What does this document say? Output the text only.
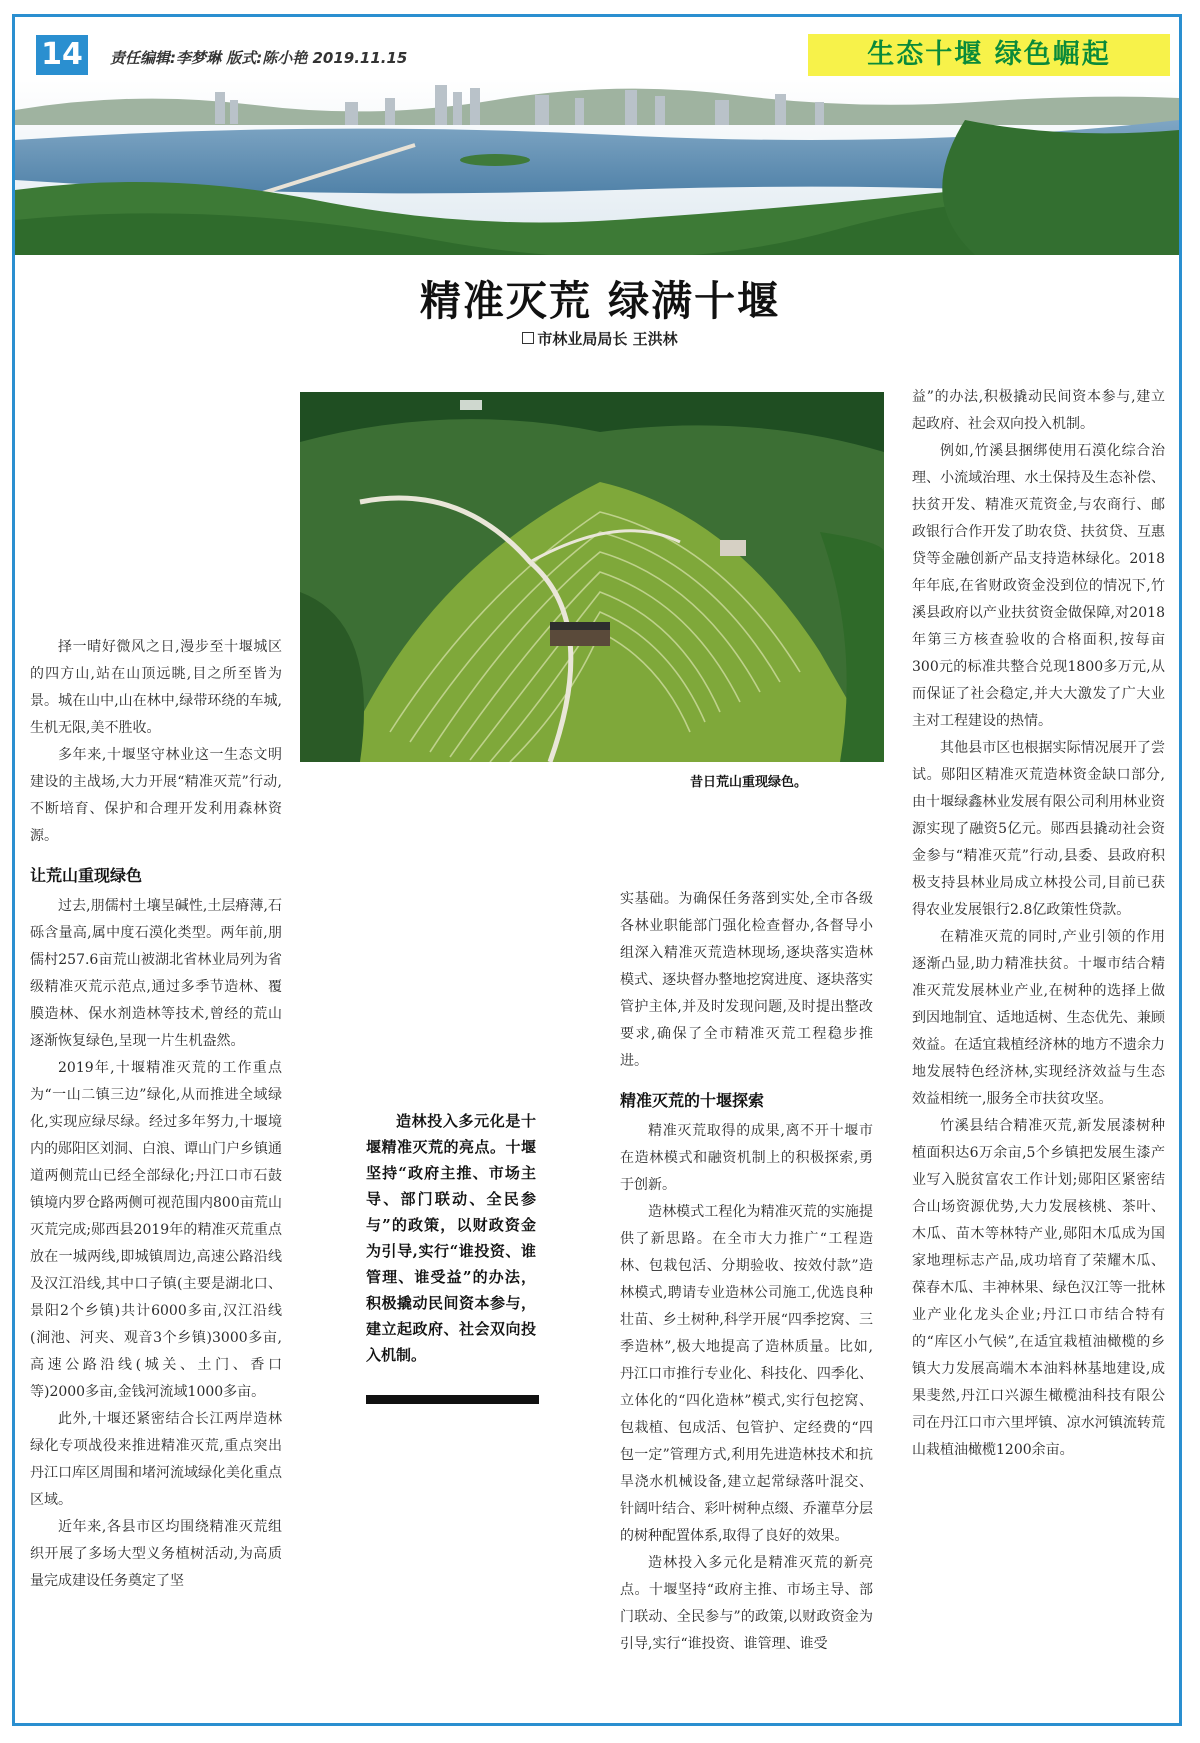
14	责任编辑:李梦琳 版式:陈小艳 2019.11.15	生态十堰 绿色崛起
精准灭荒 绿满十堰
市林业局局长 王洪林
昔日荒山重现绿色。

择一晴好微风之日,漫步至十堰城区的四方山,站在山顶远眺,目之所至皆为景。城在山中,山在林中,绿带环绕的车城,生机无限,美不胜收。

多年来,十堰坚守林业这一生态文明建设的主战场,大力开展“精准灭荒”行动,不断培育、保护和合理开发利用森林资源。

让荒山重现绿色

过去,朋儒村土壤呈碱性,土层瘠薄,石砾含量高,属中度石漠化类型。两年前,朋儒村257.6亩荒山被湖北省林业局列为省级精准灭荒示范点,通过多季节造林、覆膜造林、保水剂造林等技术,曾经的荒山逐渐恢复绿色,呈现一片生机盎然。

2019年,十堰精准灭荒的工作重点为“一山二镇三边”绿化,从而推进全域绿化,实现应绿尽绿。经过多年努力,十堰境内的郧阳区刘洞、白浪、谭山门户乡镇通道两侧荒山已经全部绿化;丹江口市石鼓镇境内罗仓路两侧可视范围内800亩荒山灭荒完成;郧西县2019年的精准灭荒重点放在一城两线,即城镇周边,高速公路沿线及汉江沿线,其中口子镇(主要是湖北口、景阳2个乡镇)共计6000多亩,汉江沿线(涧池、河夹、观音3个乡镇)3000多亩,高速公路沿线(城关、土门、香口等)2000多亩,金钱河流域1000多亩。

此外,十堰还紧密结合长江两岸造林绿化专项战役来推进精准灭荒,重点突出丹江口库区周围和堵河流域绿化美化重点区域。

近年来,各县市区均围绕精准灭荒组织开展了多场大型义务植树活动,为高质量完成建设任务奠定了坚

造林投入多元化是十堰精准灭荒的亮点。十堰坚持“政府主推、市场主导、部门联动、全民参与”的政策，以财政资金为引导,实行“谁投资、谁管理、谁受益”的办法，积极撬动民间资本参与，建立起政府、社会双向投入机制。

实基础。为确保任务落到实处,全市各级各林业职能部门强化检查督办,各督导小组深入精准灭荒造林现场,逐块落实造林模式、逐块督办整地挖窝进度、逐块落实管护主体,并及时发现问题,及时提出整改要求,确保了全市精准灭荒工程稳步推进。

精准灭荒的十堰探索

精准灭荒取得的成果,离不开十堰市在造林模式和融资机制上的积极探索,勇于创新。

造林模式工程化为精准灭荒的实施提供了新思路。在全市大力推广“工程造林、包栽包活、分期验收、按效付款”造林模式,聘请专业造林公司施工,优选良种壮苗、乡土树种,科学开展“四季挖窝、三季造林”,极大地提高了造林质量。比如,丹江口市推行专业化、科技化、四季化、立体化的“四化造林”模式,实行包挖窝、包栽植、包成活、包管护、定经费的“四包一定”管理方式,利用先进造林技术和抗旱浇水机械设备,建立起常绿落叶混交、针阔叶结合、彩叶树种点缀、乔灌草分层的树种配置体系,取得了良好的效果。

造林投入多元化是精准灭荒的新亮点。十堰坚持“政府主推、市场主导、部门联动、全民参与”的政策,以财政资金为引导,实行“谁投资、谁管理、谁受

益”的办法,积极撬动民间资本参与,建立起政府、社会双向投入机制。

例如,竹溪县捆绑使用石漠化综合治理、小流域治理、水土保持及生态补偿、扶贫开发、精准灭荒资金,与农商行、邮政银行合作开发了助农贷、扶贫贷、互惠贷等金融创新产品支持造林绿化。2018年年底,在省财政资金没到位的情况下,竹溪县政府以产业扶贫资金做保障,对2018年第三方核查验收的合格面积,按每亩300元的标准共整合兑现1800多万元,从而保证了社会稳定,并大大激发了广大业主对工程建设的热情。

其他县市区也根据实际情况展开了尝试。郧阳区精准灭荒造林资金缺口部分,由十堰绿鑫林业发展有限公司利用林业资源实现了融资5亿元。郧西县撬动社会资金参与“精准灭荒”行动,县委、县政府积极支持县林业局成立林投公司,目前已获得农业发展银行2.8亿政策性贷款。

在精准灭荒的同时,产业引领的作用逐渐凸显,助力精准扶贫。十堰市结合精准灭荒发展林业产业,在树种的选择上做到因地制宜、适地适树、生态优先、兼顾效益。在适宜栽植经济林的地方不遗余力地发展特色经济林,实现经济效益与生态效益相统一,服务全市扶贫攻坚。

竹溪县结合精准灭荒,新发展漆树种植面积达6万余亩,5个乡镇把发展生漆产业写入脱贫富农工作计划;郧阳区紧密结合山场资源优势,大力发展核桃、茶叶、木瓜、苗木等林特产业,郧阳木瓜成为国家地理标志产品,成功培育了荣耀木瓜、葆春木瓜、丰神林果、绿色汉江等一批林业产业化龙头企业;丹江口市结合特有的“库区小气候”,在适宜栽植油橄榄的乡镇大力发展高端木本油料林基地建设,成果斐然,丹江口兴源生橄榄油科技有限公司在丹江口市六里坪镇、凉水河镇流转荒山栽植油橄榄1200余亩。
